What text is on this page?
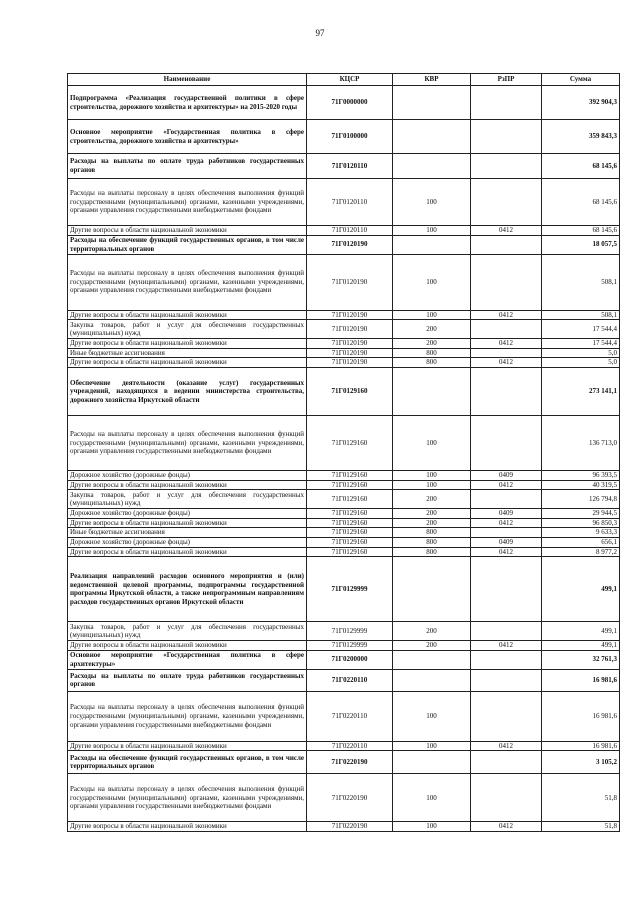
97
Наименование	КЦСР	КВР	РзПР	Сумма
Подпрограмма «Реализация государственной политики в сфере строительства, дорожного хозяйства и архитектуры» на 2015-2020 годы	71Г0000000			392 904,3
Основное мероприятие «Государственная политика в сфере строительства, дорожного хозяйства и архитектуры»	71Г0100000			359 843,3
Расходы на выплаты по оплате труда работников государственных органов	71Г0120110			68 145,6
Расходы на выплаты персоналу в целях обеспечения выполнения функций государственными (муниципальными) органами, казенными учреждениями, органами управления государственными внебюджетными фондами	71Г0120110	100		68 145,6
Другие вопросы в области национальной экономики	71Г0120110	100	0412	68 145,6
Расходы на обеспечение функций государственных органов, в том числе территориальных органов	71Г0120190			18 057,5
Расходы на выплаты персоналу в целях обеспечения выполнения функций государственными (муниципальными) органами, казенными учреждениями, органами управления государственными внебюджетными фондами	71Г0120190	100		508,1
Другие вопросы в области национальной экономики	71Г0120190	100	0412	508,1
Закупка товаров, работ и услуг для обеспечения государственных (муниципальных) нужд	71Г0120190	200		17 544,4
Другие вопросы в области национальной экономики	71Г0120190	200	0412	17 544,4
Иные бюджетные ассигнования	71Г0120190	800		5,0
Другие вопросы в области национальной экономики	71Г0120190	800	0412	5,0
Обеспечение деятельности (оказание услуг) государственных учреждений, находящихся в ведении министерства строительства, дорожного хозяйства Иркутской области	71Г0129160			273 141,1
Расходы на выплаты персоналу в целях обеспечения выполнения функций государственными (муниципальными) органами, казенными учреждениями, органами управления государственными внебюджетными фондами	71Г0129160	100		136 713,0
Дорожное хозяйство (дорожные фонды)	71Г0129160	100	0409	96 393,5
Другие вопросы в области национальной экономики	71Г0129160	100	0412	40 319,5
Закупка товаров, работ и услуг для обеспечения государственных (муниципальных) нужд	71Г0129160	200		126 794,8
Дорожное хозяйство (дорожные фонды)	71Г0129160	200	0409	29 944,5
Другие вопросы в области национальной экономики	71Г0129160	200	0412	96 850,3
Иные бюджетные ассигнования	71Г0129160	800		9 633,3
Дорожное хозяйство (дорожные фонды)	71Г0129160	800	0409	656,1
Другие вопросы в области национальной экономики	71Г0129160	800	0412	8 977,2
Реализация направлений расходов основного мероприятия и (или) ведомственной целевой программы, подпрограммы государственной программы Иркутской области, а также непрограммным направлениям расходов государственных органов Иркутской области	71Г0129999			499,1
Закупка товаров, работ и услуг для обеспечения государственных (муниципальных) нужд	71Г0129999	200		499,1
Другие вопросы в области национальной экономики	71Г0129999	200	0412	499,1
Основное мероприятие «Государственная политика в сфере архитектуры»	71Г0200000			32 761,3
Расходы на выплаты по оплате труда работников государственных органов	71Г0220110			16 981,6
Расходы на выплаты персоналу в целях обеспечения выполнения функций государственными (муниципальными) органами, казенными учреждениями, органами управления государственными внебюджетными фондами	71Г0220110	100		16 981,6
Другие вопросы в области национальной экономики	71Г0220110	100	0412	16 981,6
Расходы на обеспечение функций государственных органов, в том числе территориальных органов	71Г0220190			3 105,2
Расходы на выплаты персоналу в целях обеспечения выполнения функций государственными (муниципальными) органами, казенными учреждениями, органами управления государственными внебюджетными фондами	71Г0220190	100		51,8
Другие вопросы в области национальной экономики	71Г0220190	100	0412	51,8
